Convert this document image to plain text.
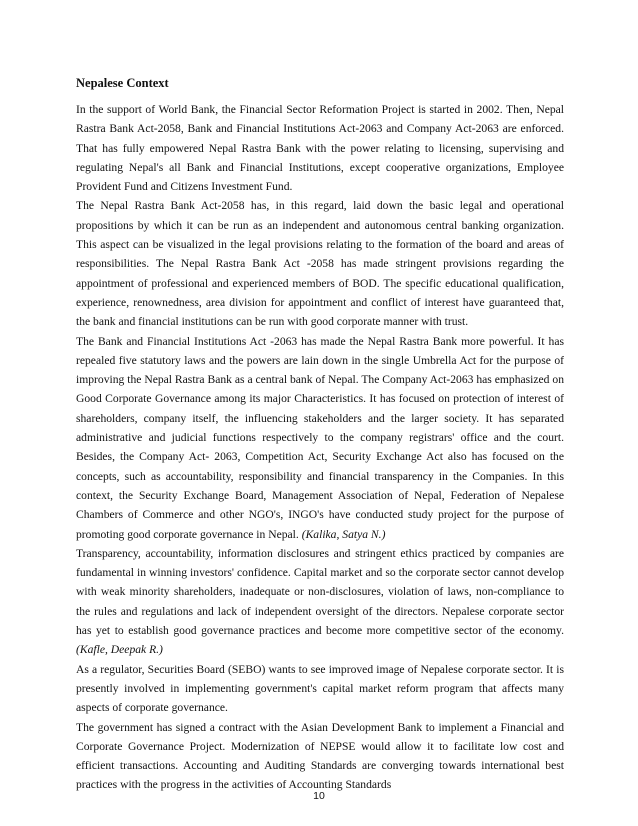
Nepalese Context

In the support of World Bank, the Financial Sector Reformation Project is started in 2002. Then, Nepal Rastra Bank Act-2058, Bank and Financial Institutions Act-2063 and Company Act-2063 are enforced. That has fully empowered Nepal Rastra Bank with the power relating to licensing, supervising and regulating Nepal's all Bank and Financial Institutions, except cooperative organizations, Employee Provident Fund and Citizens Investment Fund.

The Nepal Rastra Bank Act-2058 has, in this regard, laid down the basic legal and operational propositions by which it can be run as an independent and autonomous central banking organization. This aspect can be visualized in the legal provisions relating to the formation of the board and areas of responsibilities. The Nepal Rastra Bank Act -2058 has made stringent provisions regarding the appointment of professional and experienced members of BOD. The specific educational qualification, experience, renownedness, area division for appointment and conflict of interest have guaranteed that, the bank and financial institutions can be run with good corporate manner with trust.

The Bank and Financial Institutions Act -2063 has made the Nepal Rastra Bank more powerful. It has repealed five statutory laws and the powers are lain down in the single Umbrella Act for the purpose of improving the Nepal Rastra Bank as a central bank of Nepal. The Company Act-2063 has emphasized on Good Corporate Governance among its major Characteristics. It has focused on protection of interest of shareholders, company itself, the influencing stakeholders and the larger society. It has separated administrative and judicial functions respectively to the company registrars' office and the court. Besides, the Company Act- 2063, Competition Act, Security Exchange Act also has focused on the concepts, such as accountability, responsibility and financial transparency in the Companies. In this context, the Security Exchange Board, Management Association of Nepal, Federation of Nepalese Chambers of Commerce and other NGO's, INGO's have conducted study project for the purpose of promoting good corporate governance in Nepal. (Kalika, Satya N.)

Transparency, accountability, information disclosures and stringent ethics practiced by companies are fundamental in winning investors' confidence. Capital market and so the corporate sector cannot develop with weak minority shareholders, inadequate or non-disclosures, violation of laws, non-compliance to the rules and regulations and lack of independent oversight of the directors. Nepalese corporate sector has yet to establish good governance practices and become more competitive sector of the economy. (Kafle, Deepak R.)

As a regulator, Securities Board (SEBO) wants to see improved image of Nepalese corporate sector. It is presently involved in implementing government's capital market reform program that affects many aspects of corporate governance.

The government has signed a contract with the Asian Development Bank to implement a Financial and Corporate Governance Project. Modernization of NEPSE would allow it to facilitate low cost and efficient transactions. Accounting and Auditing Standards are converging towards international best practices with the progress in the activities of Accounting Standards

10
